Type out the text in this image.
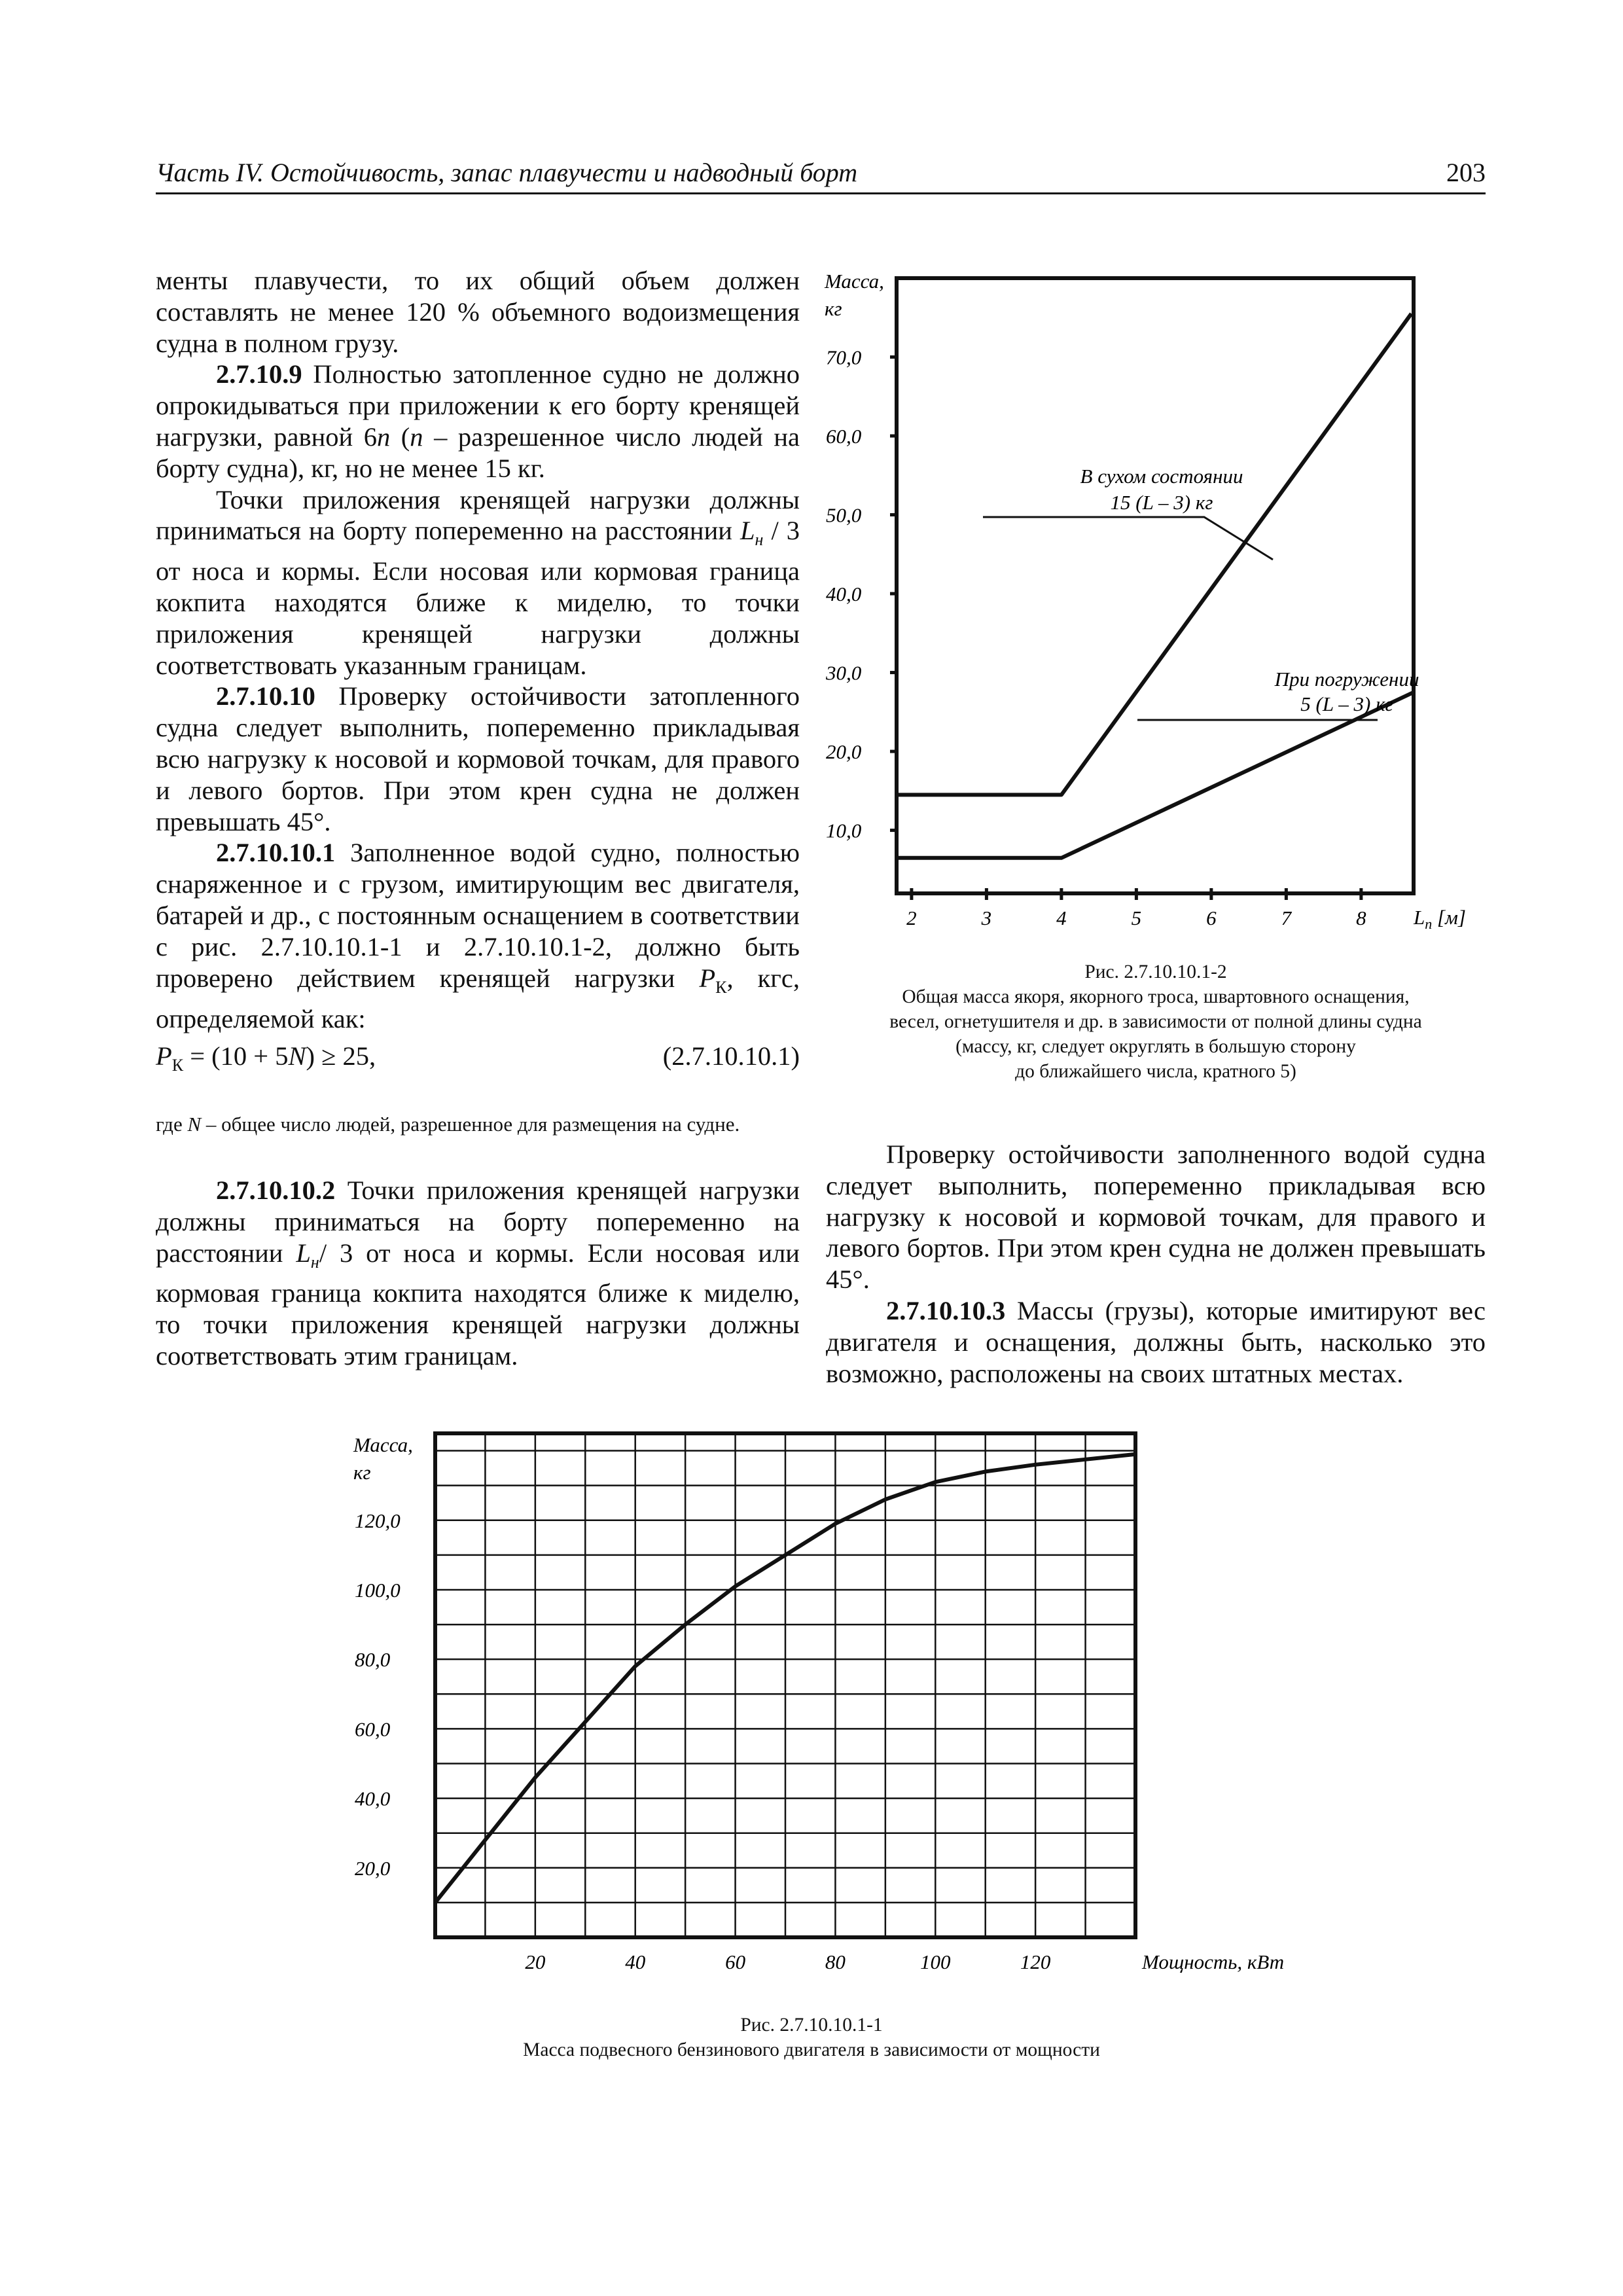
Часть IV. Остойчивость, запас плавучести и надводный борт	203

менты плавучести, то их общий объем должен составлять не менее 120 % объемного водоизмещения судна в полном грузу.

2.7.10.9 Полностью затопленное судно не должно опрокидываться при приложении к его борту кренящей нагрузки, равной 6n (n – разрешенное число людей на борту судна), кг, но не менее 15 кг.

Точки приложения кренящей нагрузки должны приниматься на борту попеременно на расстоянии $L_н / 3$ от носа и кормы. Если носовая или кормовая граница кокпита находятся ближе к миделю, то точки приложения кренящей нагрузки должны соответствовать указанным границам.

2.7.10.10 Проверку остойчивости затопленного судна следует выполнить, попеременно прикладывая всю нагрузку к носовой и кормовой точкам, для правого и левого бортов. При этом крен судна не должен превышать 45°.

2.7.10.10.1 Заполненное водой судно, полностью снаряженное и с грузом, имитирующим вес двигателя, батарей и др., с постоянным оснащением в соответствии с рис. 2.7.10.10.1-1 и 2.7.10.10.1-2, должно быть проверено действием кренящей нагрузки $P_К$, кгс, определяемой как:

$P_К = (10 + 5N) \ge 25$,	(2.7.10.10.1)
где N – общее число людей, разрешенное для размещения на судне.

2.7.10.10.2 Точки приложения кренящей нагрузки должны приниматься на борту попеременно на расстоянии $L_н/$ 3 от носа и кормы. Если носовая или кормовая граница кокпита находятся ближе к миделю, то точки приложения кренящей нагрузки должны соответствовать этим границам.

Проверку остойчивости заполненного водой судна следует выполнить, попеременно прикладывая всю нагрузку к носовой и кормовой точкам, для правого и левого бортов. При этом крен судна не должен превышать 45°.

2.7.10.10.3 Массы (грузы), которые имитируют вес двигателя и оснащения, должны быть, насколько это возможно, расположены на своих штатных местах.

Масса,
кг
10,0
20,0
30,0
40,0
50,0
60,0
70,0
2	3	4	5	6	7	8 $L_п$ [м]
В сухом состоянии
15 (L – 3) кг
При погружении
5 (L – 3) кг
Рис. 2.7.10.10.1-2
Общая масса якоря, якорного троса, швартовного оснащения,
весел, огнетушителя и др. в зависимости от полной длины судна
(массу, кг, следует округлять в большую сторону
до ближайшего числа, кратного 5)
Масса,
кг
20,0
40,0
60,0
80,0
100,0
120,0
20	40	60	80	100	120	Мощность, кВт
Рис. 2.7.10.10.1-1
Масса подвесного бензинового двигателя в зависимости от мощности
